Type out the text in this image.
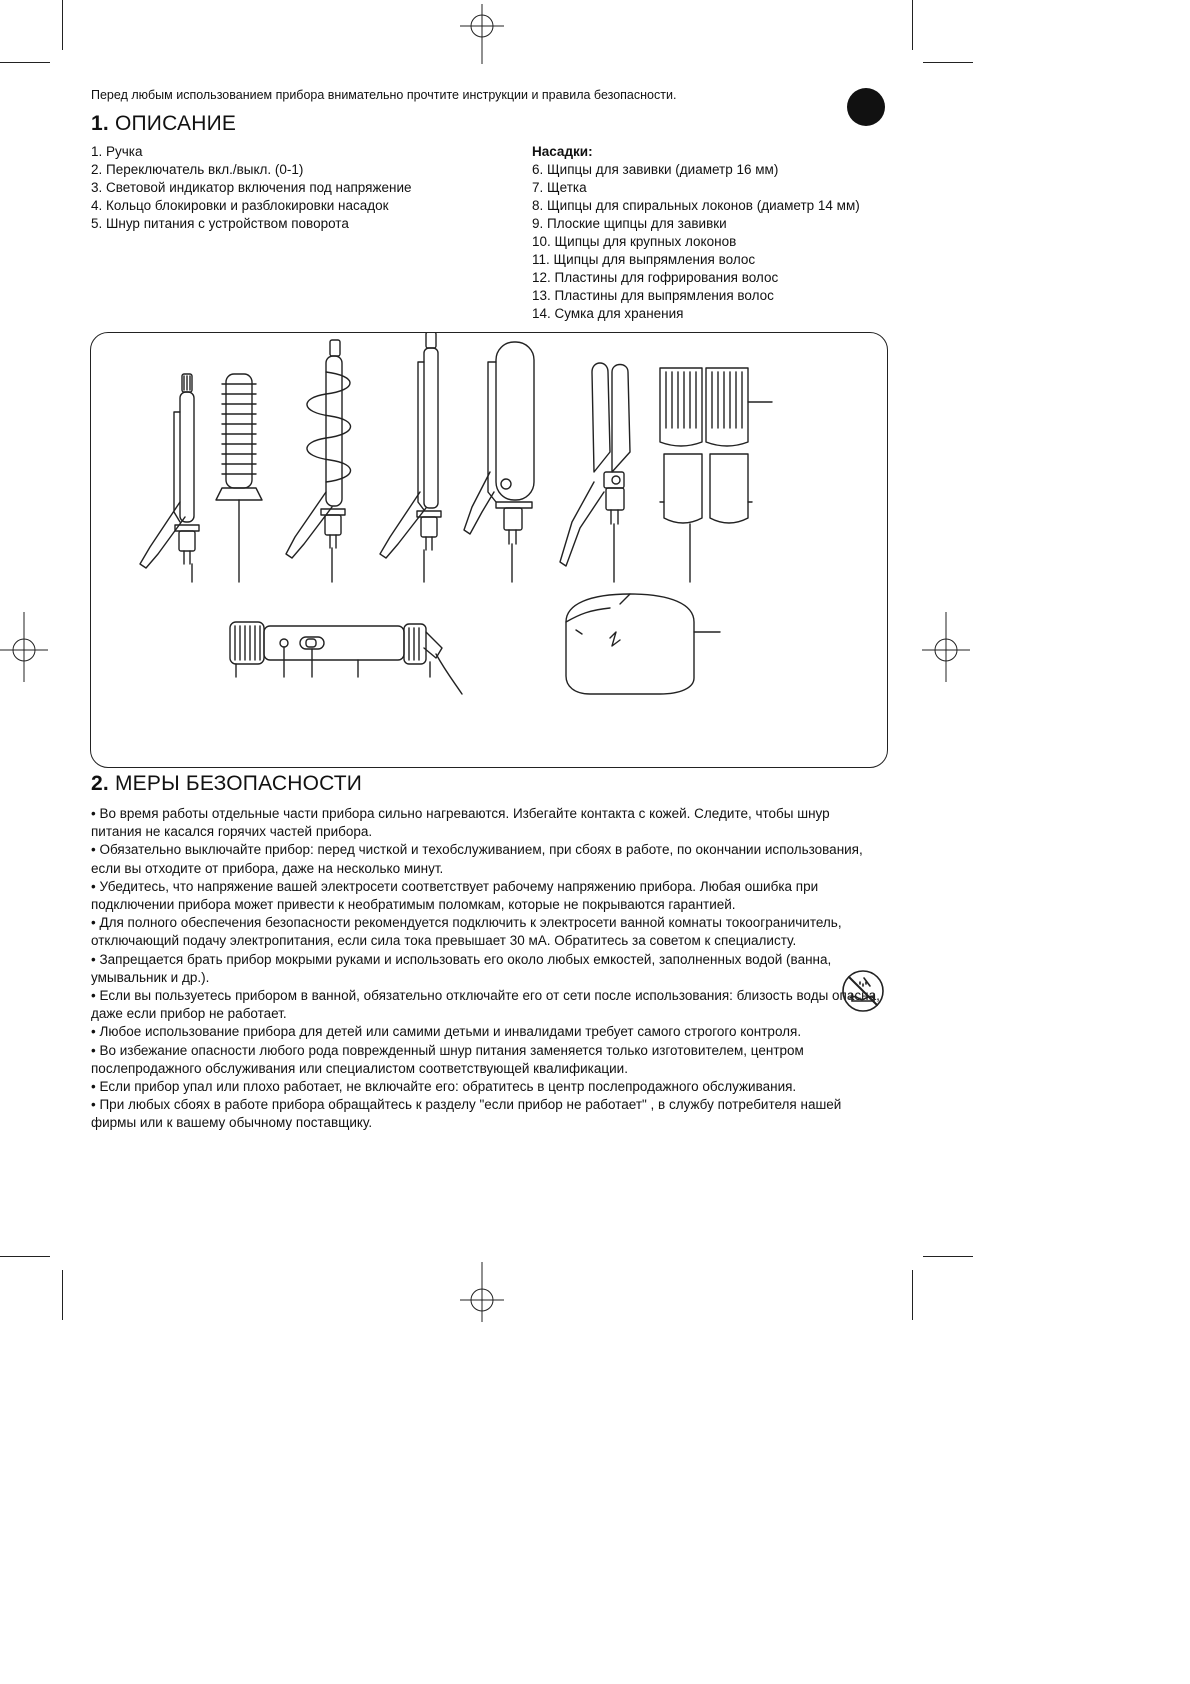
Перед любым использованием прибора внимательно прочтите инструкции и правила безопасности.
1. ОПИСАНИЕ
1. Ручка
2. Переключатель вкл./выкл. (0-1)
3. Световой индикатор включения под напряжение
4. Кольцо блокировки и разблокировки насадок
5. Шнур питания с устройством поворота
Насадки:
6. Щипцы для завивки (диаметр 16 мм)
7. Щетка
8. Щипцы для спиральных локонов (диаметр 14 мм)
9. Плоские щипцы для завивки
10. Щипцы для крупных локонов
11. Щипцы для выпрямления волос
12. Пластины для гофрирования волос
13. Пластины для выпрямления волос
14. Сумка для хранения
2. МЕРЫ БЕЗОПАСНОСТИ

• Во время работы отдельные части прибора сильно нагреваются. Избегайте контакта с кожей. Следите, чтобы шнур питания не касался горячих частей прибора.

• Обязательно выключайте прибор: перед чисткой и техобслуживанием, при сбоях в работе, по окончании использования, если вы отходите от прибора, даже на несколько минут.

• Убедитесь, что напряжение вашей электросети соответствует рабочему напряжению прибора. Любая ошибка при подключении прибора может привести к необратимым поломкам, которые не покрываются гарантией.

• Для полного обеспечения безопасности рекомендуется подключить к электросети ванной комнаты токоограничитель, отключающий подачу электропитания, если сила тока превышает 30 мА. Обратитесь за советом к специалисту.

• Запрещается брать прибор мокрыми руками и использовать его около любых емкостей, заполненных водой (ванна, умывальник и др.).

• Если вы пользуетесь прибором в ванной, обязательно отключайте его от сети после использования: близость воды опасна, даже если прибор не работает.

• Любое использование прибора для детей или самими детьми и инвалидами требует самого строгого контроля.

• Во избежание опасности любого рода поврежденный шнур питания заменяется только изготовителем, центром послепродажного обслуживания или специалистом соответствующей квалификации.

• Если прибор упал или плохо работает, не включайте его: обратитесь в центр послепродажного обслуживания.

• При любых сбоях в работе прибора обращайтесь к разделу "если прибор не работает" , в службу потребителя нашей фирмы или к вашему обычному поставщику.
